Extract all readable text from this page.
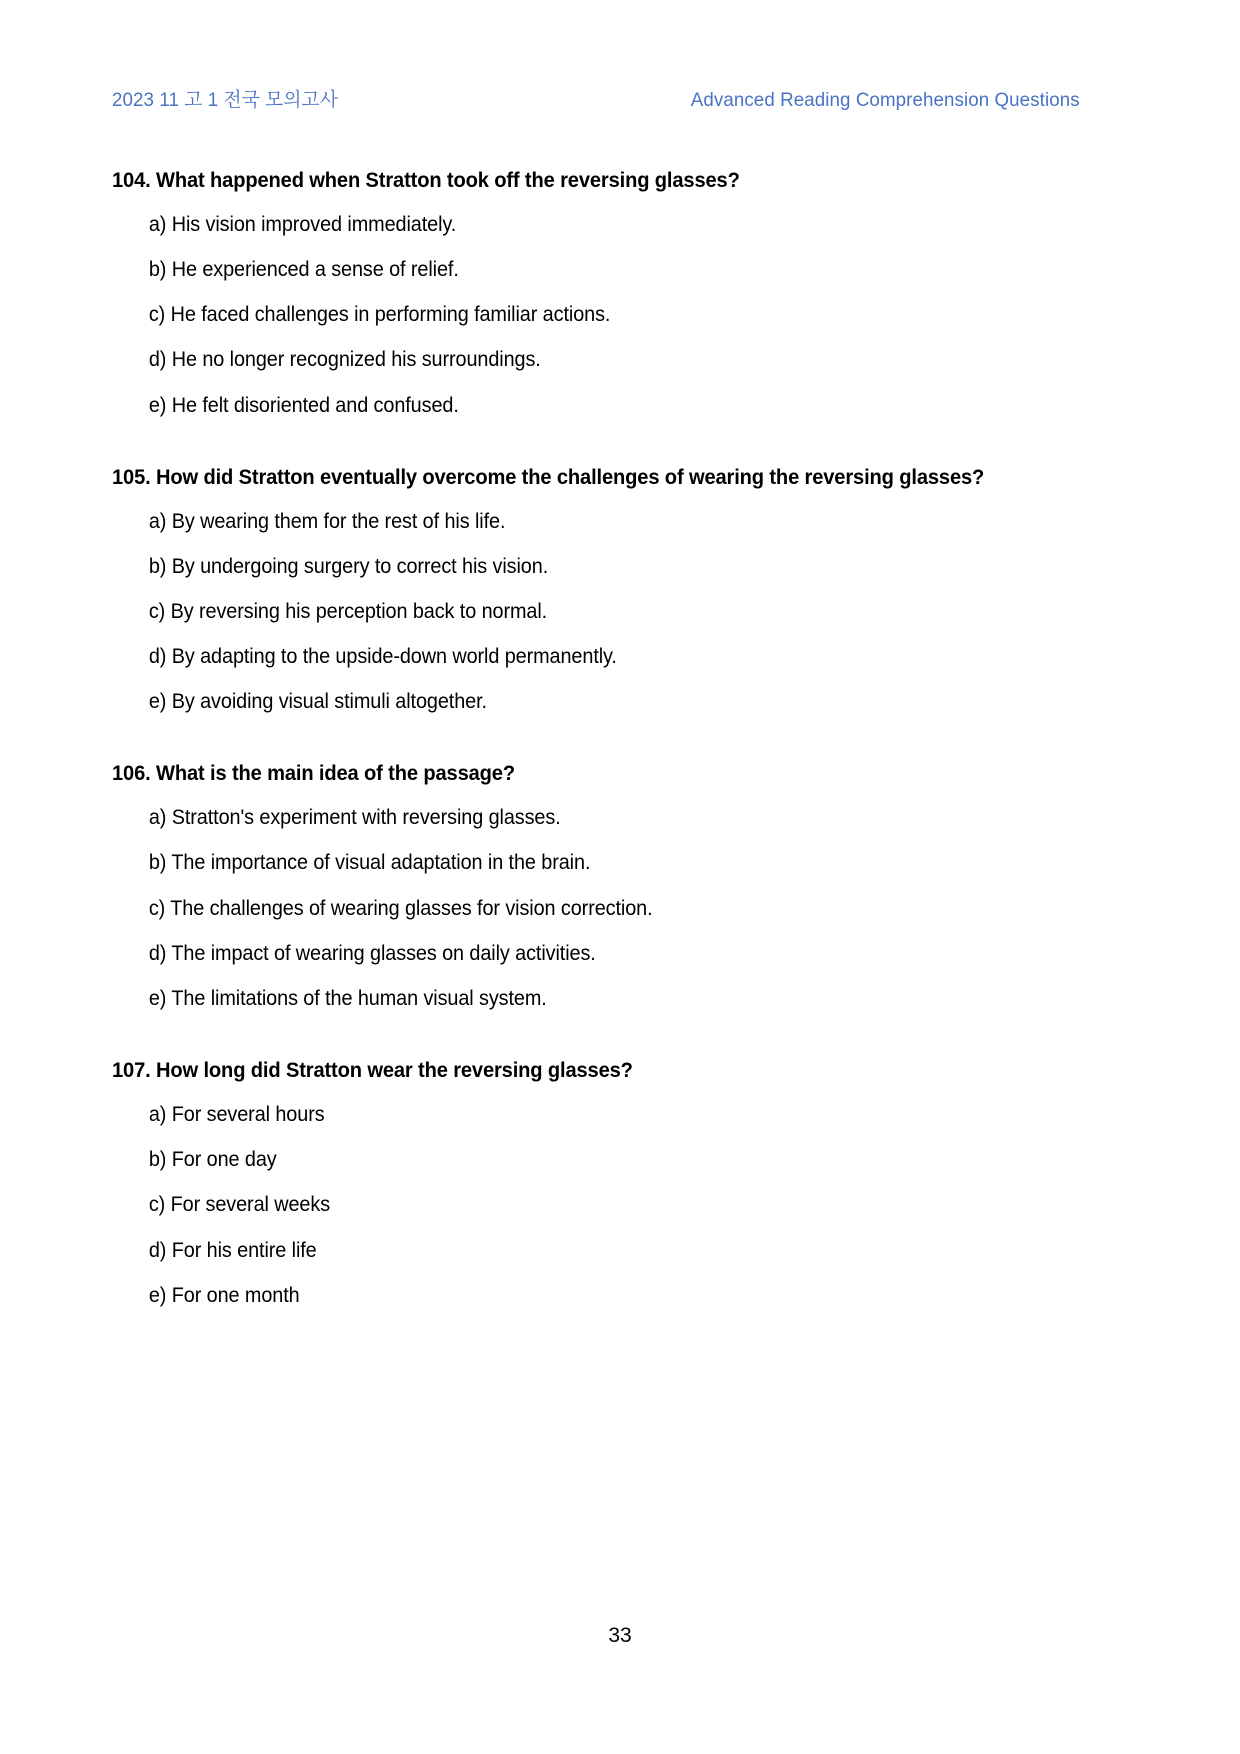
2023 11 고 1 전국 모의고사	Advanced Reading Comprehension Questions
104. What happened when Stratton took off the reversing glasses?
a) His vision improved immediately.
b) He experienced a sense of relief.
c) He faced challenges in performing familiar actions.
d) He no longer recognized his surroundings.
e) He felt disoriented and confused.
105. How did Stratton eventually overcome the challenges of wearing the reversing glasses?
a) By wearing them for the rest of his life.
b) By undergoing surgery to correct his vision.
c) By reversing his perception back to normal.
d) By adapting to the upside-down world permanently.
e) By avoiding visual stimuli altogether.
106. What is the main idea of the passage?
a) Stratton's experiment with reversing glasses.
b) The importance of visual adaptation in the brain.
c) The challenges of wearing glasses for vision correction.
d) The impact of wearing glasses on daily activities.
e) The limitations of the human visual system.
107. How long did Stratton wear the reversing glasses?
a) For several hours
b) For one day
c) For several weeks
d) For his entire life
e) For one month
33
